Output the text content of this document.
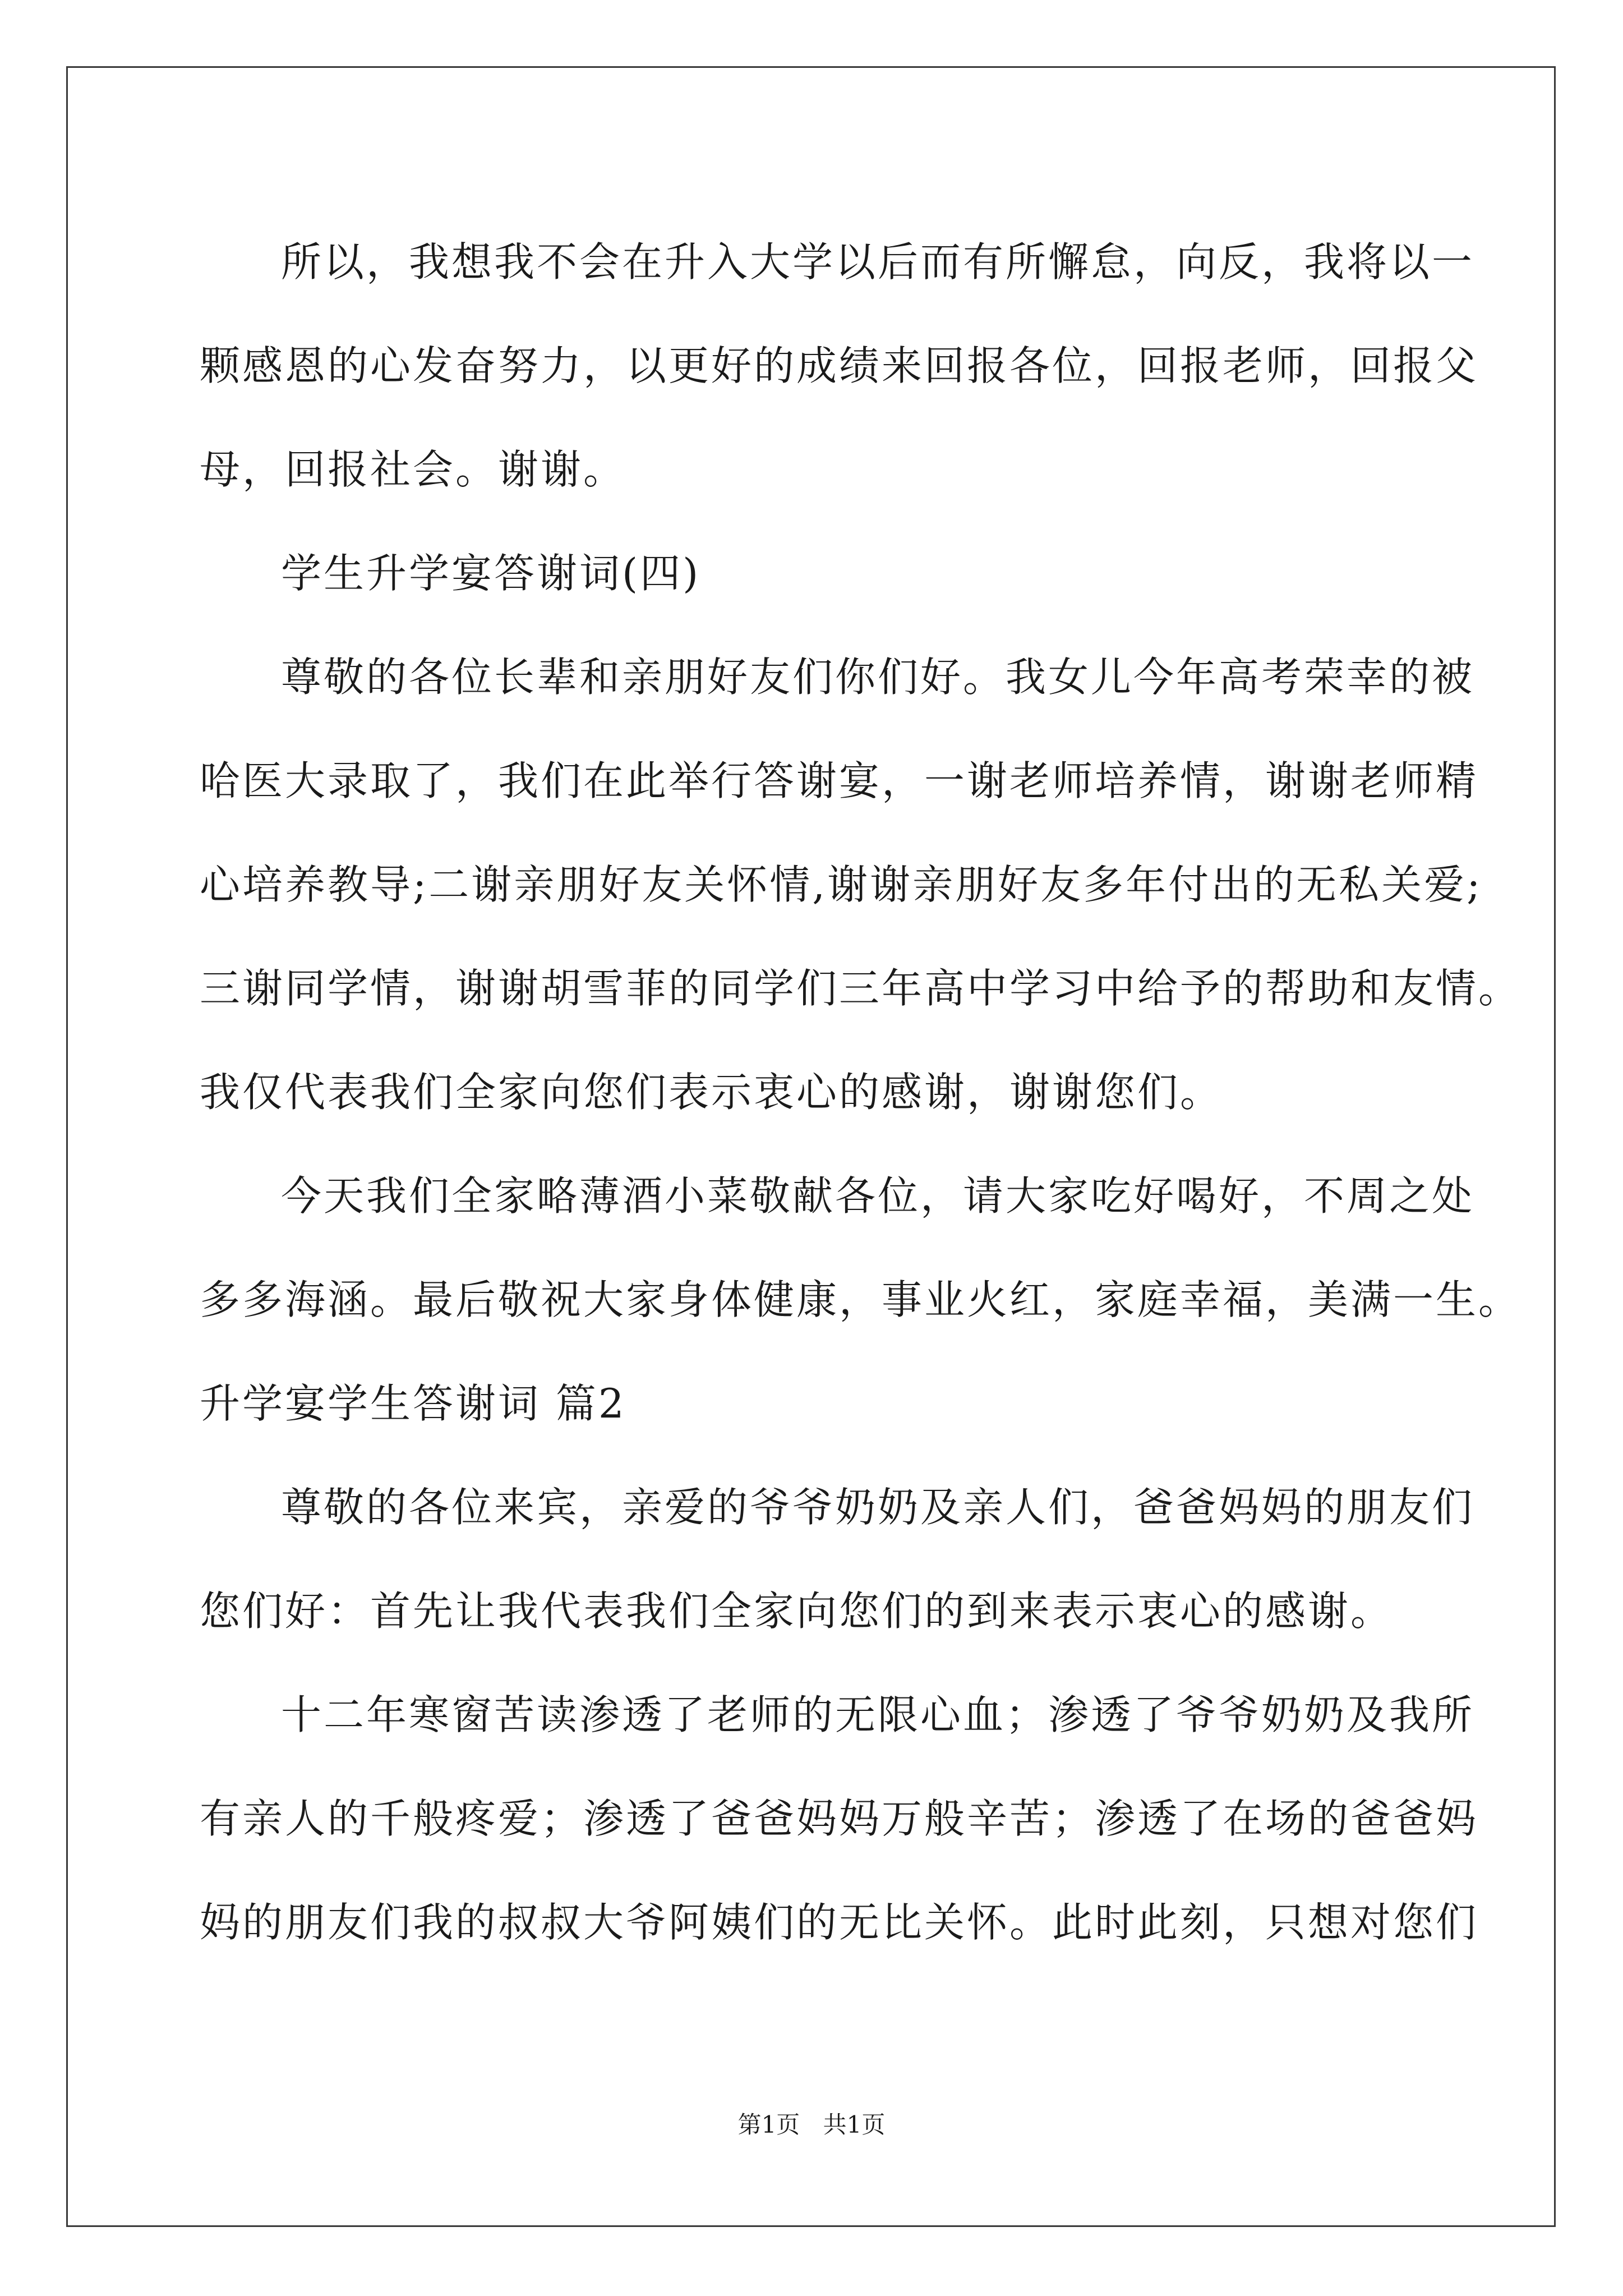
所以，我想我不会在升入大学以后而有所懈怠，向反，我将以一
颗感恩的心发奋努力，以更好的成绩来回报各位，回报老师，回报父
母，回报社会。谢谢。
学生升学宴答谢词(四)
尊敬的各位长辈和亲朋好友们你们好。我女儿今年高考荣幸的被
哈医大录取了，我们在此举行答谢宴，一谢老师培养情，谢谢老师精
心培养教导;二谢亲朋好友关怀情,谢谢亲朋好友多年付出的无私关爱;
三谢同学情，谢谢胡雪菲的同学们三年高中学习中给予的帮助和友情。
我仅代表我们全家向您们表示衷心的感谢，谢谢您们。
今天我们全家略薄酒小菜敬献各位，请大家吃好喝好，不周之处
多多海涵。最后敬祝大家身体健康，事业火红，家庭幸福，美满一生。
升学宴学生答谢词 篇2
尊敬的各位来宾，亲爱的爷爷奶奶及亲人们，爸爸妈妈的朋友们
您们好：首先让我代表我们全家向您们的到来表示衷心的感谢。
十二年寒窗苦读渗透了老师的无限心血；渗透了爷爷奶奶及我所
有亲人的千般疼爱；渗透了爸爸妈妈万般辛苦；渗透了在场的爸爸妈
妈的朋友们我的叔叔大爷阿姨们的无比关怀。此时此刻，只想对您们
第1页 共1页
